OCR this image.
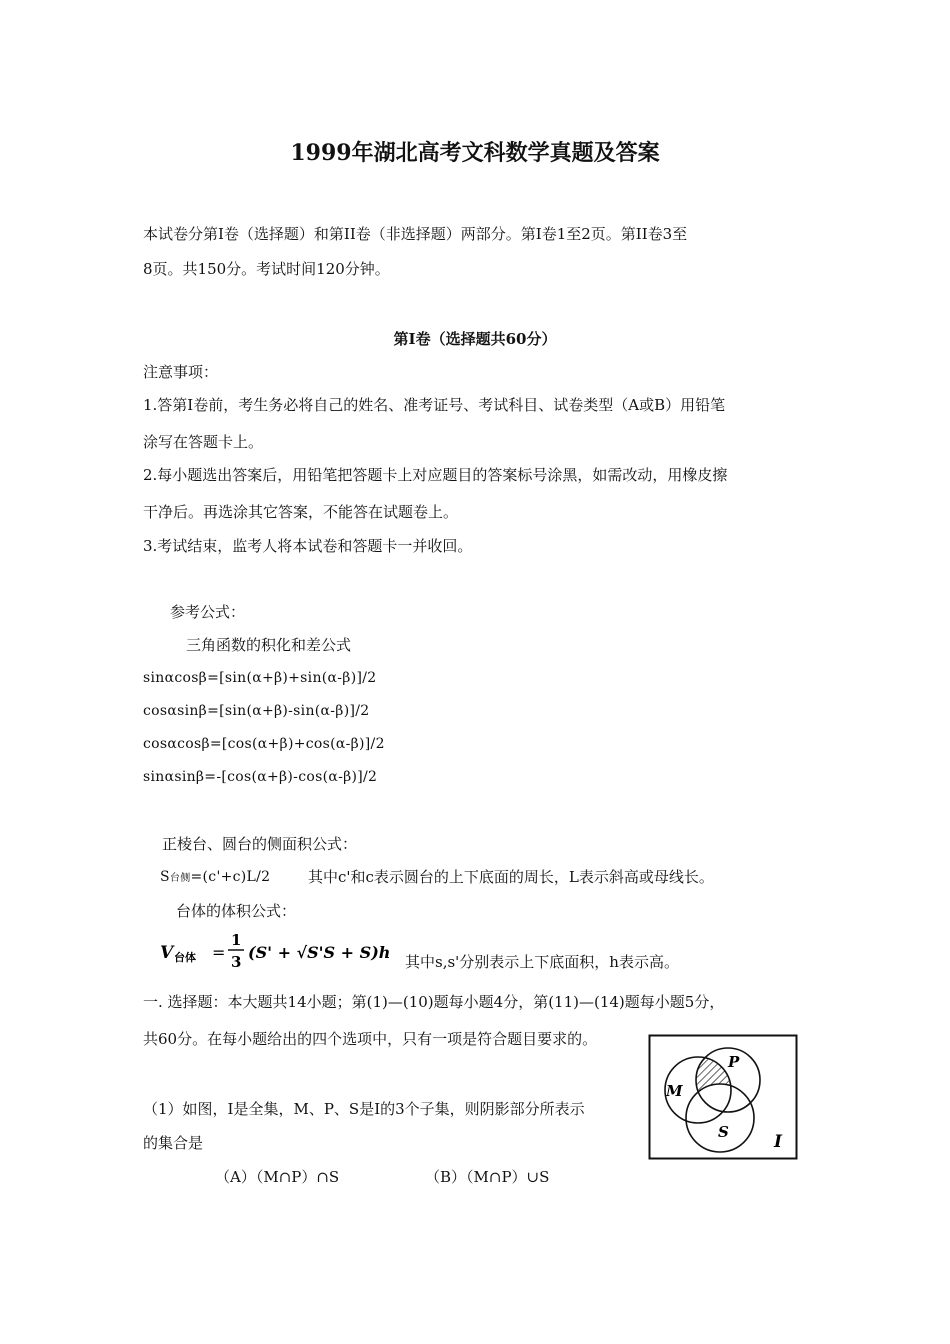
1999年湖北高考文科数学真题及答案
本试卷分第Ⅰ卷（选择题）和第II卷（非选择题）两部分。第Ⅰ卷1至2页。第II卷3至
8页。共150分。考试时间120分钟。
第Ⅰ卷（选择题共60分）
注意事项：
1.答第Ⅰ卷前，考生务必将自己的姓名、准考证号、考试科目、试卷类型（A或B）用铅笔
涂写在答题卡上。
2.每小题选出答案后，用铅笔把答题卡上对应题目的答案标号涂黑，如需改动，用橡皮擦
干净后。再选涂其它答案，不能答在试题卷上。
3.考试结束，监考人将本试卷和答题卡一并收回。
参考公式：
三角函数的积化和差公式
sinαcosβ=[sin(α+β)+sin(α-β)]/2
cosαsinβ=[sin(α+β)-sin(α-β)]/2
cosαcosβ=[cos(α+β)+cos(α-β)]/2
sinαsinβ=-[cos(α+β)-cos(α-β)]/2
正棱台、圆台的侧面积公式：
S台侧=(c'+c)L/2	其中c'和c表示圆台的上下底面的周长，L表示斜高或母线长。
台体的体积公式：
V 台体 =
1
3 (S' + √S'S + S)h 其中s,s'分别表示上下底面积，h表示高。
一. 选择题：本大题共14小题；第(1)—(10)题每小题4分，第(11)—(14)题每小题5分，
共60分。在每小题给出的四个选项中，只有一项是符合题目要求的。
（1）如图，I是全集，M、P、S是I的3个子集，则阴影部分所表示
的集合是
（A）（M∩P）∩S	（B）（M∩P）∪S
M
P
S	I
